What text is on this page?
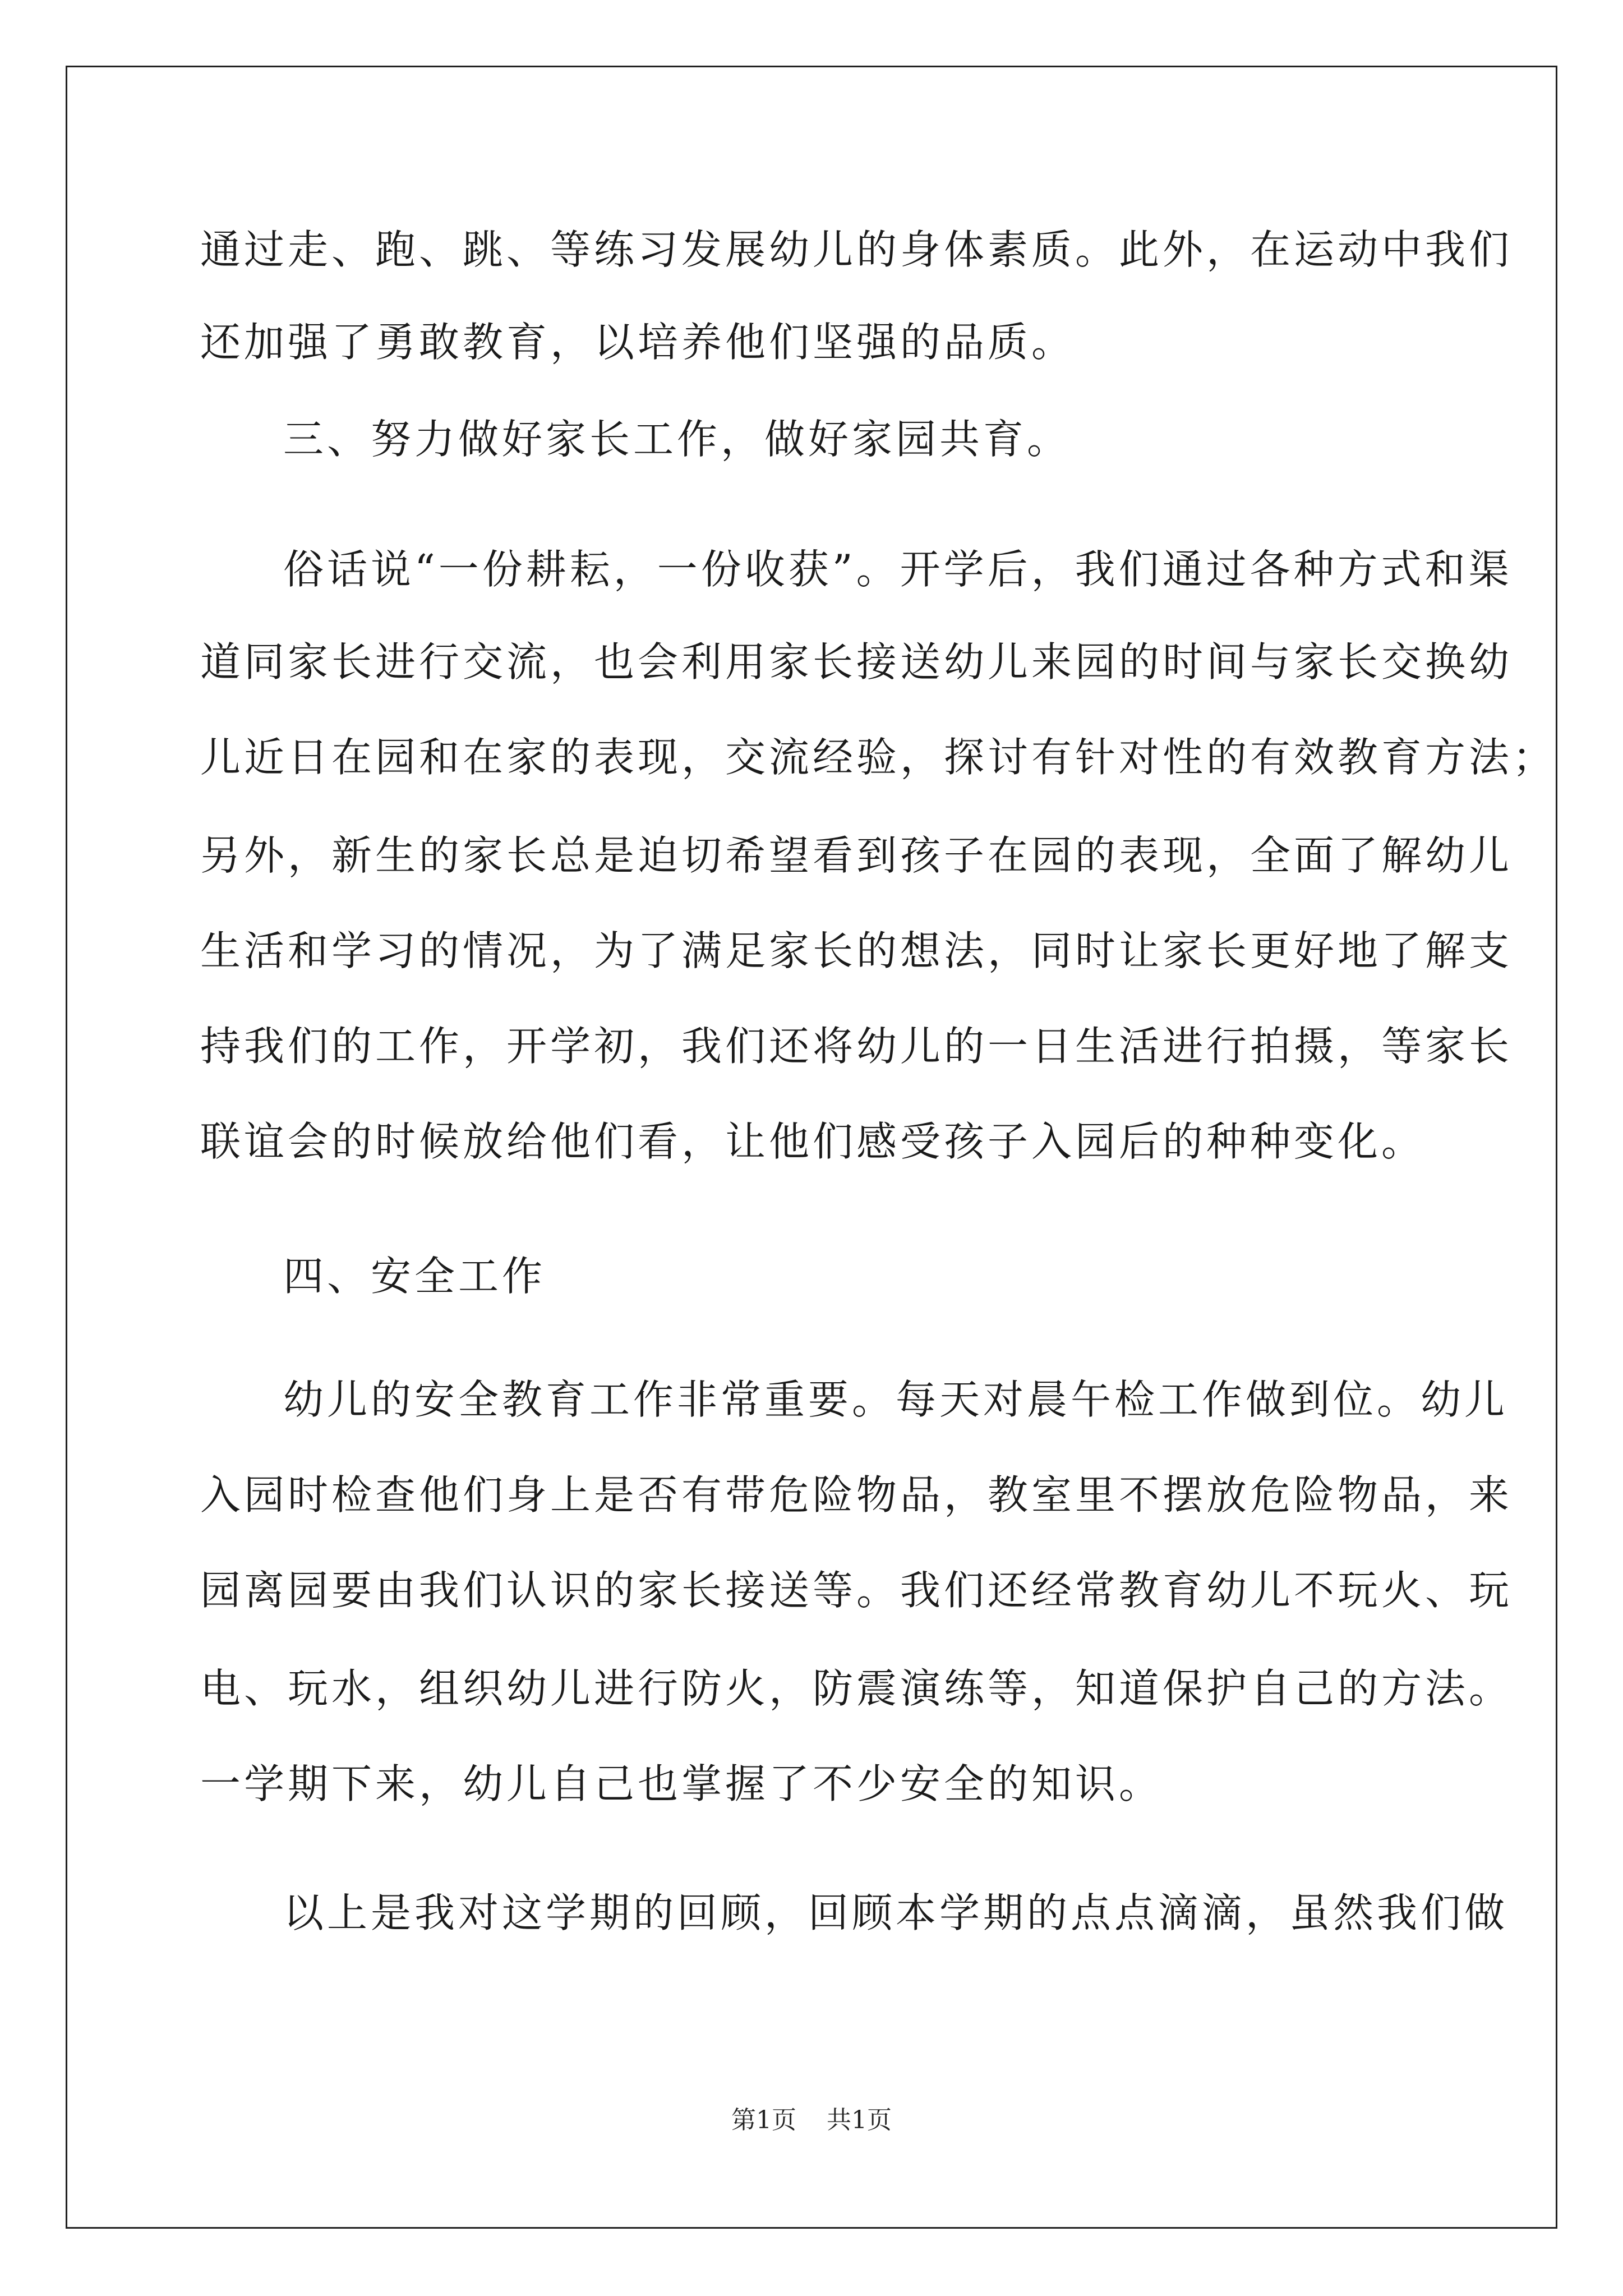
通过走、跑、跳、等练习发展幼儿的身体素质。此外，在运动中我们
还加强了勇敢教育，以培养他们坚强的品质。
三、努力做好家长工作，做好家园共育。
俗话说“一份耕耘，一份收获”。开学后，我们通过各种方式和渠
道同家长进行交流，也会利用家长接送幼儿来园的时间与家长交换幼
儿近日在园和在家的表现，交流经验，探讨有针对性的有效教育方法；
另外，新生的家长总是迫切希望看到孩子在园的表现，全面了解幼儿
生活和学习的情况，为了满足家长的想法，同时让家长更好地了解支
持我们的工作，开学初，我们还将幼儿的一日生活进行拍摄，等家长
联谊会的时候放给他们看，让他们感受孩子入园后的种种变化。
四、安全工作
幼儿的安全教育工作非常重要。每天对晨午检工作做到位。幼儿
入园时检查他们身上是否有带危险物品，教室里不摆放危险物品，来
园离园要由我们认识的家长接送等。我们还经常教育幼儿不玩火、玩
电、玩水，组织幼儿进行防火，防震演练等，知道保护自己的方法。
一学期下来，幼儿自己也掌握了不少安全的知识。
以上是我对这学期的回顾，回顾本学期的点点滴滴，虽然我们做
第1页 共1页
